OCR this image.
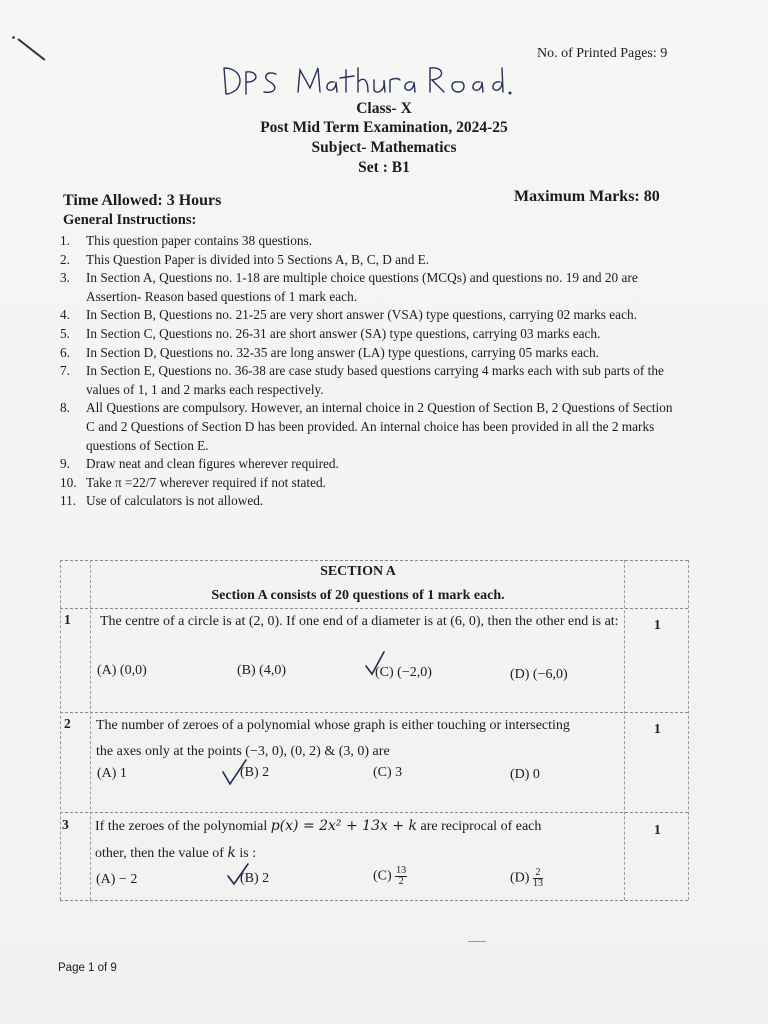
No. of Printed Pages: 9
Class- X
Post Mid Term Examination, 2024-25
Subject- Mathematics
Set : B1
Time Allowed: 3 Hours	Maximum Marks: 80
General Instructions:
1.	This question paper contains 38 questions.
2.	This Question Paper is divided into 5 Sections A, B, C, D and E.
3.	In Section A, Questions no. 1-18 are multiple choice questions (MCQs) and questions no. 19 and 20 are Assertion- Reason based questions of 1 mark each.
4.	In Section B, Questions no. 21-25 are very short answer (VSA) type questions, carrying 02 marks each.
5.	In Section C, Questions no. 26-31 are short answer (SA) type questions, carrying 03 marks each.
6.	In Section D, Questions no. 32-35 are long answer (LA) type questions, carrying 05 marks each.
7.	In Section E, Questions no. 36-38 are case study based questions carrying 4 marks each with sub parts of the values of 1, 1 and 2 marks each respectively.
8.	All Questions are compulsory. However, an internal choice in 2 Question of Section B, 2 Questions of Section C and 2 Questions of Section D has been provided. An internal choice has been provided in all the 2 marks questions of Section E.
9.	Draw neat and clean figures wherever required.
10. Take π =22/7 wherever required if not stated.
11. Use of calculators is not allowed.
SECTION A
Section A consists of 20 questions of 1 mark each.
1	1
The centre of a circle is at (2, 0). If one end of a diameter is at (6, 0), then the other end is at:
(A) (0,0)	(B) (4,0)	(C) (−2,0)	(D) (−6,0)
2	1
The number of zeroes of a polynomial whose graph is either touching or intersecting
the axes only at the points (−3, 0), (0, 2) & (3, 0) are
(A) 1	(B) 2	(C) 3	(D) 0
3	1
If the zeroes of the polynomial p(x) = 2x² + 13x + k are reciprocal of each
other, then the value of k is :
(A) − 2	(B) 2	$(C) \frac{13}{2}$	$(D) \frac{2}{13}$
Page 1 of 9
